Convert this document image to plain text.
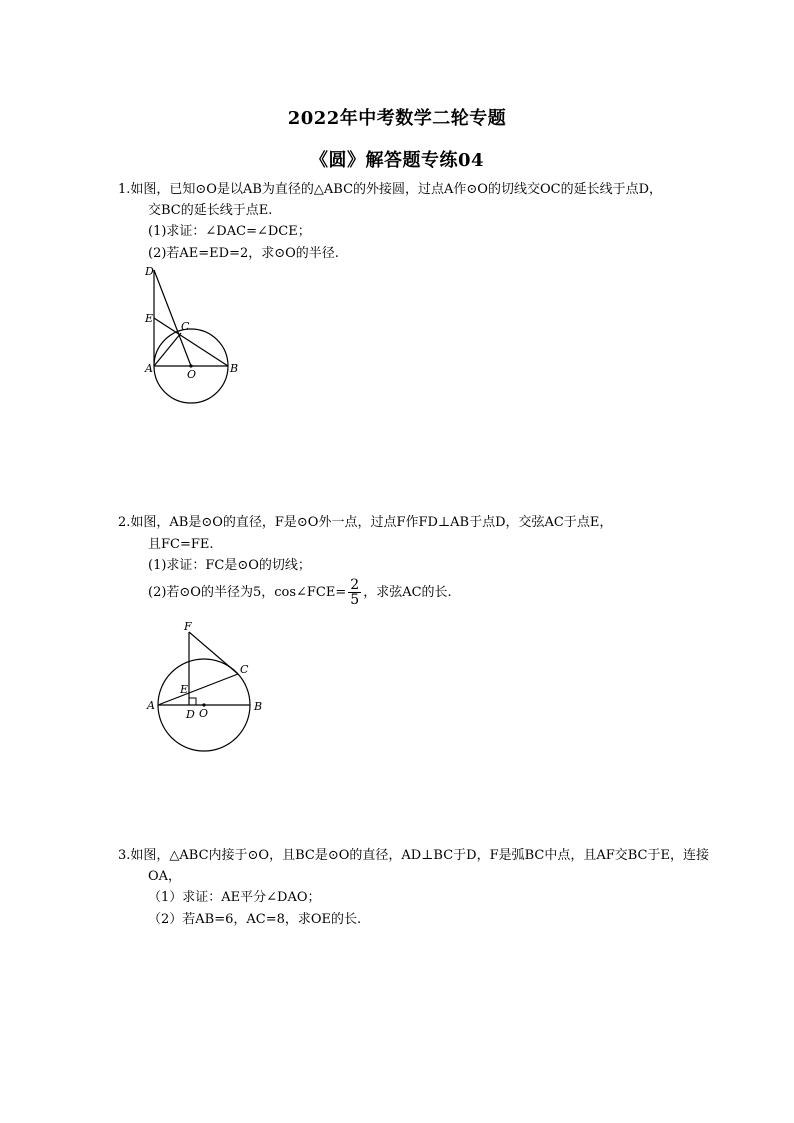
2022年中考数学二轮专题
《圆》解答题专练04
1.如图，已知⊙O是以AB为直径的△ABC的外接圆，过点A作⊙O的切线交OC的延长线于点D，
交BC的延长线于点E.
(1)求证：∠DAC=∠DCE；
(2)若AE=ED=2，求⊙O的半径.
D
E
C
A	O	B
2.如图，AB是⊙O的直径，F是⊙O外一点，过点F作FD⊥AB于点D，交弦AC于点E，
且FC=FE.
(1)求证：FC是⊙O的切线；
(2)若⊙O的半径为5，cos∠FCE= $\frac{2}{5}$ ，求弦AC的长.
F
C
E
A
D O
B
3.如图，△ABC内接于⊙O，且BC是⊙O的直径，AD⊥BC于D，F是弧BC中点，且AF交BC于E，连接
OA，
（1）求证：AE平分∠DAO；
（2）若AB=6，AC=8，求OE的长.
